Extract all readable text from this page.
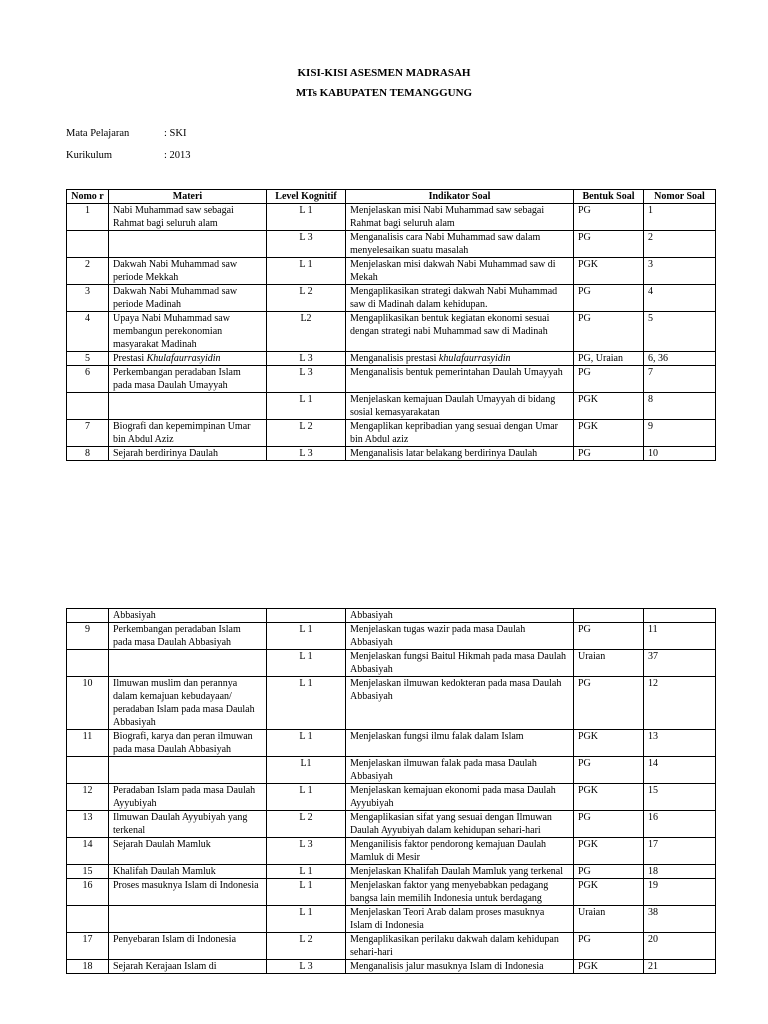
KISI-KISI ASESMEN MADRASAH
MTs KABUPATEN TEMANGGUNG
Mata Pelajaran	: SKI
Kurikulum	: 2013
Nomo r	Materi	Level Kognitif	Indikator Soal	Bentuk Soal	Nomor Soal
1	Nabi Muhammad saw sebagai Rahmat bagi seluruh alam	L 1	Menjelaskan misi Nabi Muhammad saw sebagai Rahmat bagi seluruh alam	PG	1
		L 3	Menganalisis cara Nabi Muhammad saw dalam menyelesaikan suatu masalah	PG	2
2	Dakwah Nabi Muhammad saw periode Mekkah	L 1	Menjelaskan misi dakwah Nabi Muhammad saw di Mekah	PGK	3
3	Dakwah Nabi Muhammad saw periode Madinah	L 2	Mengaplikasikan strategi dakwah Nabi Muhammad saw di Madinah dalam kehidupan.	PG	4
4	Upaya Nabi Muhammad saw membangun perekonomian masyarakat Madinah	L2	Mengaplikasikan bentuk kegiatan ekonomi sesuai dengan strategi nabi Muhammad saw di Madinah	PG	5
5	Prestasi Khulafaurrasyidin	L 3	Menganalisis prestasi khulafaurrasyidin	PG, Uraian	6, 36
6	Perkembangan peradaban Islam pada masa Daulah Umayyah	L 3	Menganalisis bentuk pemerintahan Daulah Umayyah	PG	7
		L 1	Menjelaskan kemajuan Daulah Umayyah di bidang sosial kemasyarakatan	PGK	8
7	Biografi dan kepemimpinan Umar bin Abdul Aziz	L 2	Mengaplikan kepribadian yang sesuai dengan Umar bin Abdul aziz	PGK	9
8	Sejarah berdirinya Daulah	L 3	Menganalisis latar belakang berdirinya Daulah	PG	10
	Abbasiyah		Abbasiyah		
9	Perkembangan peradaban Islam pada masa Daulah Abbasiyah	L 1	Menjelaskan tugas wazir pada masa Daulah Abbasiyah	PG	11
		L 1	Menjelaskan fungsi Baitul Hikmah pada masa Daulah Abbasiyah	Uraian	37
10	Ilmuwan muslim dan perannya dalam kemajuan kebudayaan/ peradaban Islam pada masa Daulah Abbasiyah	L 1	Menjelaskan ilmuwan kedokteran pada masa Daulah Abbasiyah	PG	12
11	Biografi, karya dan peran ilmuwan pada masa Daulah Abbasiyah	L 1	Menjelaskan fungsi ilmu falak dalam Islam	PGK	13
		L1	Menjelaskan ilmuwan falak pada masa Daulah Abbasiyah	PG	14
12	Peradaban Islam pada masa Daulah Ayyubiyah	L 1	Menjelaskan kemajuan ekonomi pada masa Daulah Ayyubiyah	PGK	15
13	Ilmuwan Daulah Ayyubiyah yang terkenal	L 2	Mengaplikasian sifat yang sesuai dengan Ilmuwan Daulah Ayyubiyah dalam kehidupan sehari-hari	PG	16
14	Sejarah Daulah Mamluk	L 3	Menganilisis faktor pendorong kemajuan Daulah Mamluk di Mesir	PGK	17
15	Khalifah Daulah Mamluk	L 1	Menjelaskan Khalifah Daulah Mamluk yang terkenal	PG	18
16	Proses masuknya Islam di Indonesia	L 1	Menjelaskan faktor yang menyebabkan pedagang bangsa lain memilih Indonesia untuk berdagang	PGK	19
		L 1	Menjelaskan Teori Arab dalam proses masuknya Islam di Indonesia	Uraian	38
17	Penyebaran Islam di Indonesia	L 2	Mengaplikasikan perilaku dakwah dalam kehidupan sehari-hari	PG	20
18	Sejarah Kerajaan Islam di	L 3	Menganalisis jalur masuknya Islam di Indonesia	PGK	21
